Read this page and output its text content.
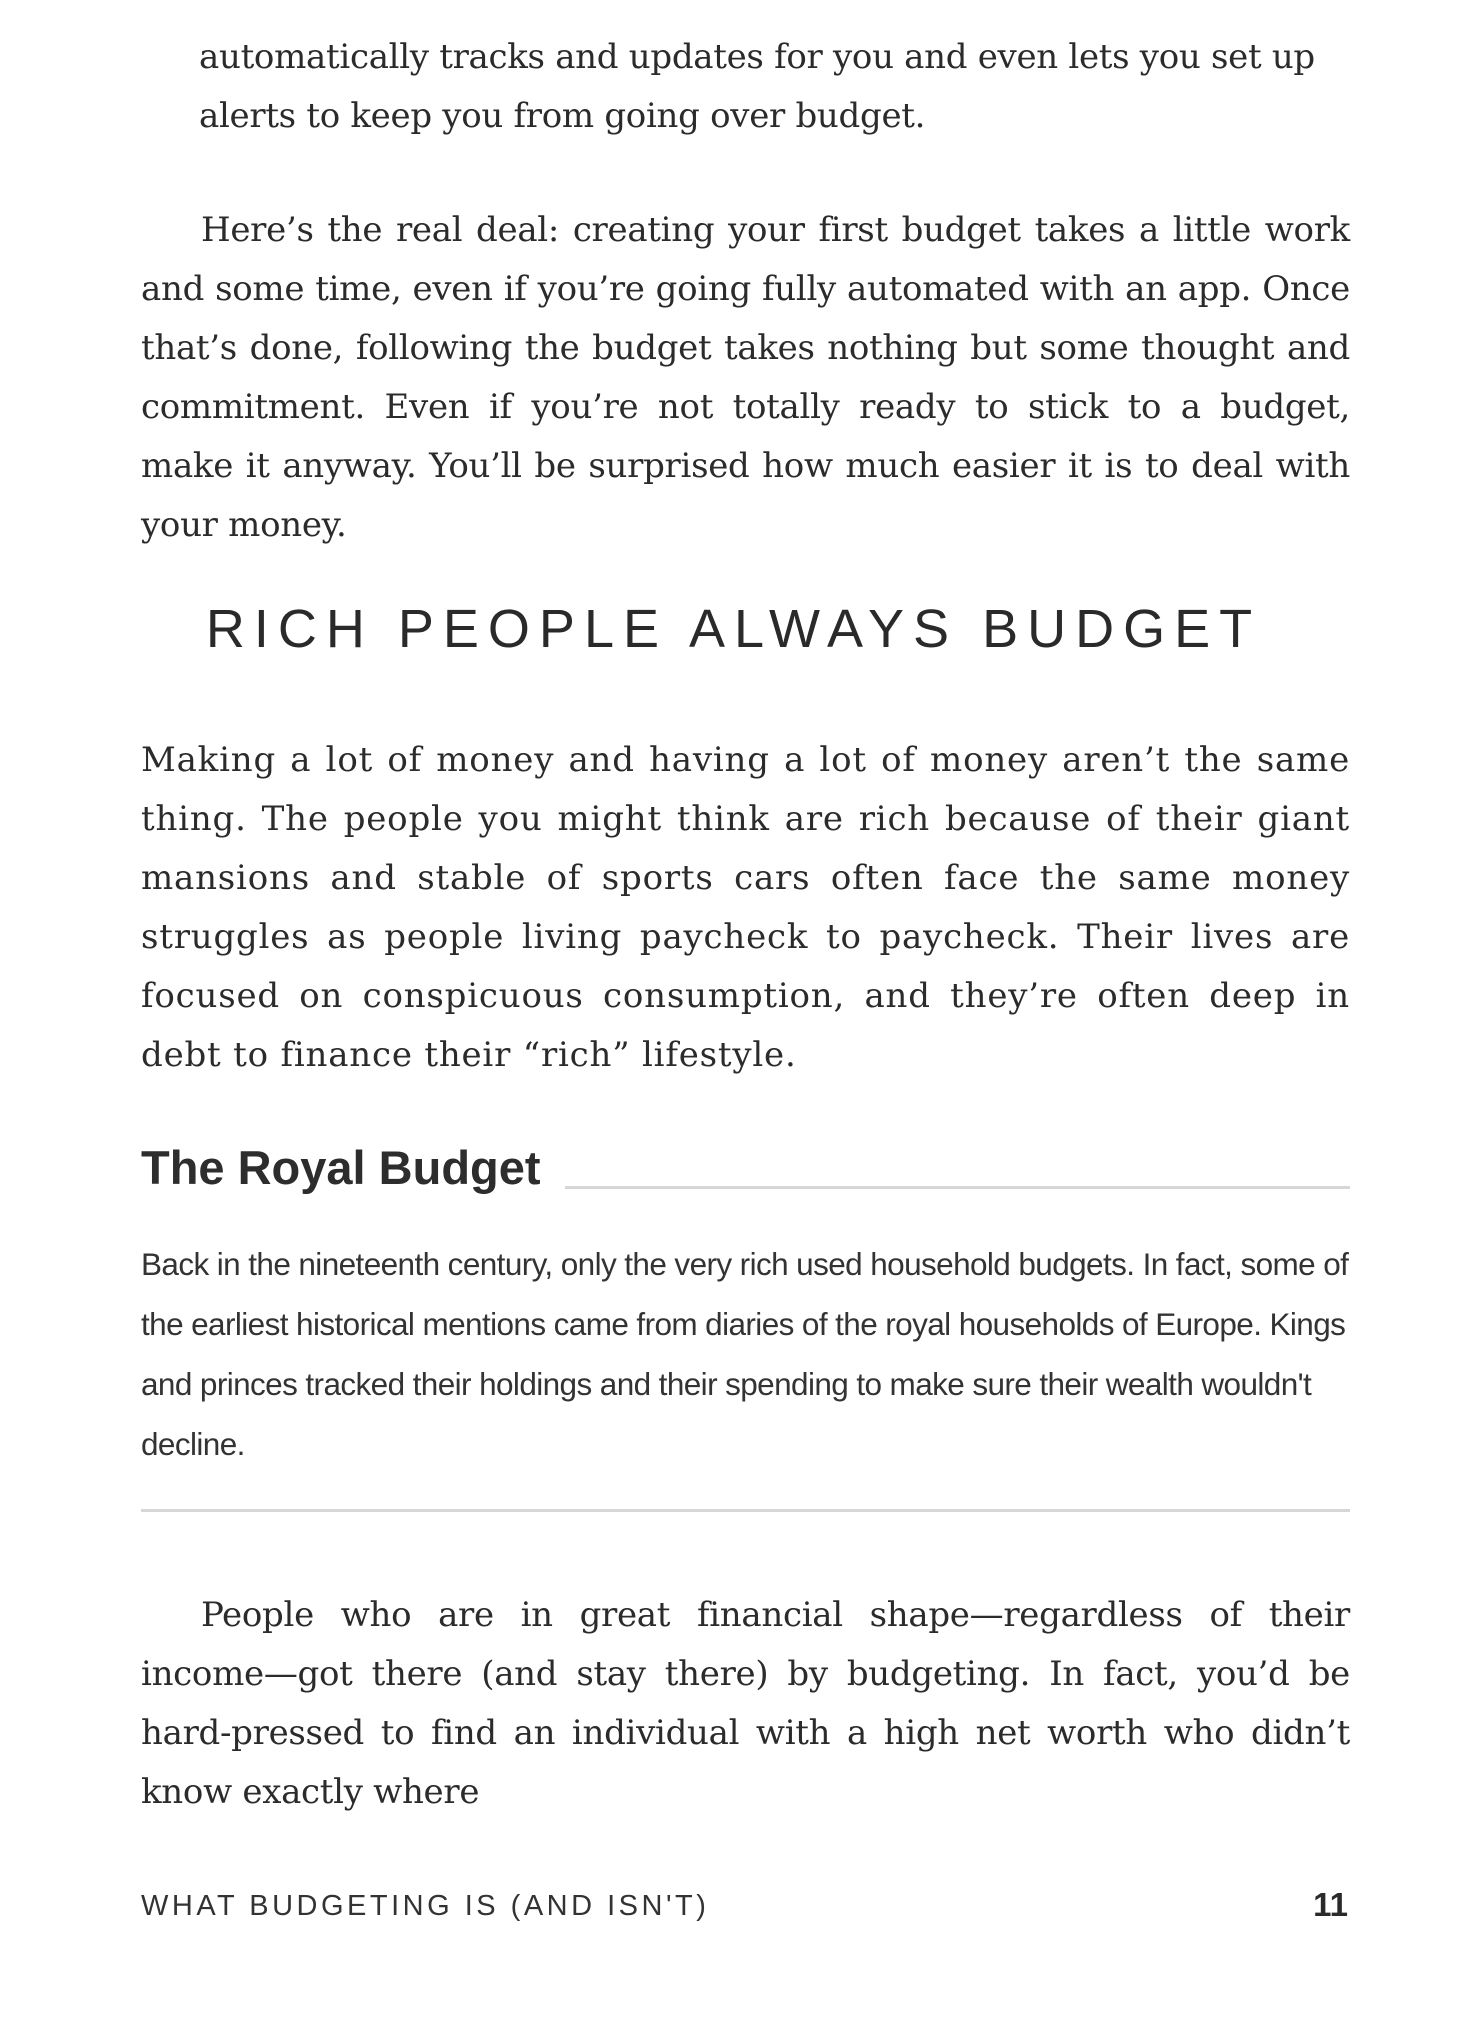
automatically tracks and updates for you and even lets you set up alerts to keep you from going over budget.

Here’s the real deal: creating your first budget takes a little work and some time, even if you’re going fully automated with an app. Once that’s done, following the budget takes nothing but some thought and commitment. Even if you’re not totally ready to stick to a budget, make it anyway. You’ll be surprised how much easier it is to deal with your money.

RICH PEOPLE ALWAYS BUDGET

Making a lot of money and having a lot of money aren’t the same thing. The people you might think are rich because of their giant mansions and stable of sports cars often face the same money struggles as people living paycheck to paycheck. Their lives are focused on conspicuous consumption, and they’re often deep in debt to finance their “rich” lifestyle.

The Royal Budget

Back in the nineteenth century, only the very rich used household budgets. In fact, some of the earliest historical mentions came from diaries of the royal households of Europe. Kings and princes tracked their holdings and their spending to make sure their wealth wouldn't decline.

People who are in great financial shape—regardless of their income—got there (and stay there) by budgeting. In fact, you’d be hard-pressed to find an individual with a high net worth who didn’t know exactly where

WHAT BUDGETING IS (AND ISN'T)	11
